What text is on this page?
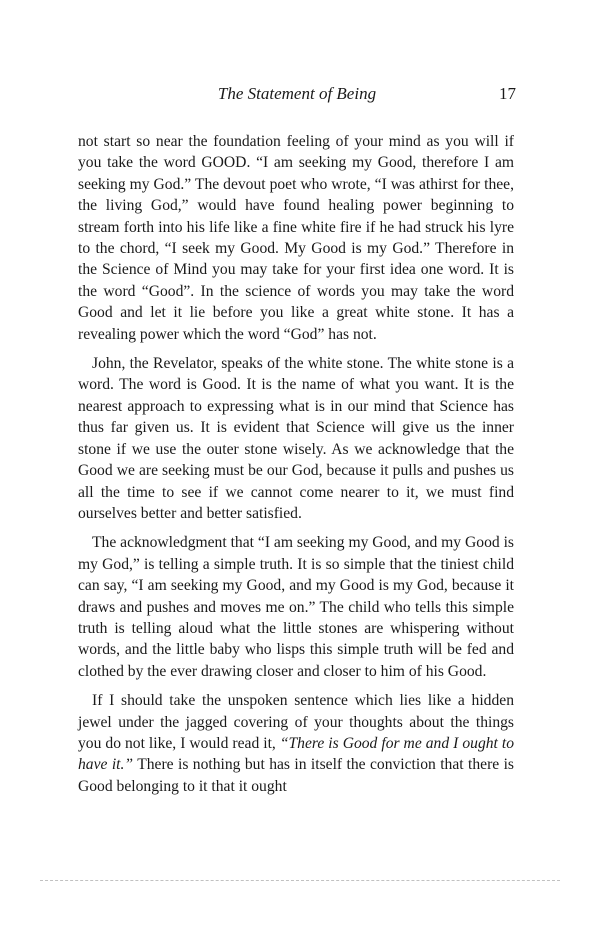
The Statement of Being	17

not start so near the foundation feeling of your mind as you will if you take the word GOOD. “I am seeking my Good, therefore I am seeking my God.” The devout poet who wrote, “I was athirst for thee, the living God,” would have found healing power beginning to stream forth into his life like a fine white fire if he had struck his lyre to the chord, “I seek my Good. My Good is my God.” Therefore in the Science of Mind you may take for your first idea one word. It is the word “Good”. In the science of words you may take the word Good and let it lie before you like a great white stone. It has a revealing power which the word “God” has not.

John, the Revelator, speaks of the white stone. The white stone is a word. The word is Good. It is the name of what you want. It is the nearest approach to expressing what is in our mind that Science has thus far given us. It is evident that Science will give us the inner stone if we use the outer stone wisely. As we acknowledge that the Good we are seeking must be our God, because it pulls and pushes us all the time to see if we cannot come nearer to it, we must find ourselves better and better satisfied.

The acknowledgment that “I am seeking my Good, and my Good is my God,” is telling a simple truth. It is so simple that the tiniest child can say, “I am seeking my Good, and my Good is my God, because it draws and pushes and moves me on.” The child who tells this simple truth is telling aloud what the little stones are whispering without words, and the little baby who lisps this simple truth will be fed and clothed by the ever drawing closer and closer to him of his Good.

If I should take the unspoken sentence which lies like a hidden jewel under the jagged covering of your thoughts about the things you do not like, I would read it, “There is Good for me and I ought to have it.” There is nothing but has in itself the conviction that there is Good belonging to it that it ought
